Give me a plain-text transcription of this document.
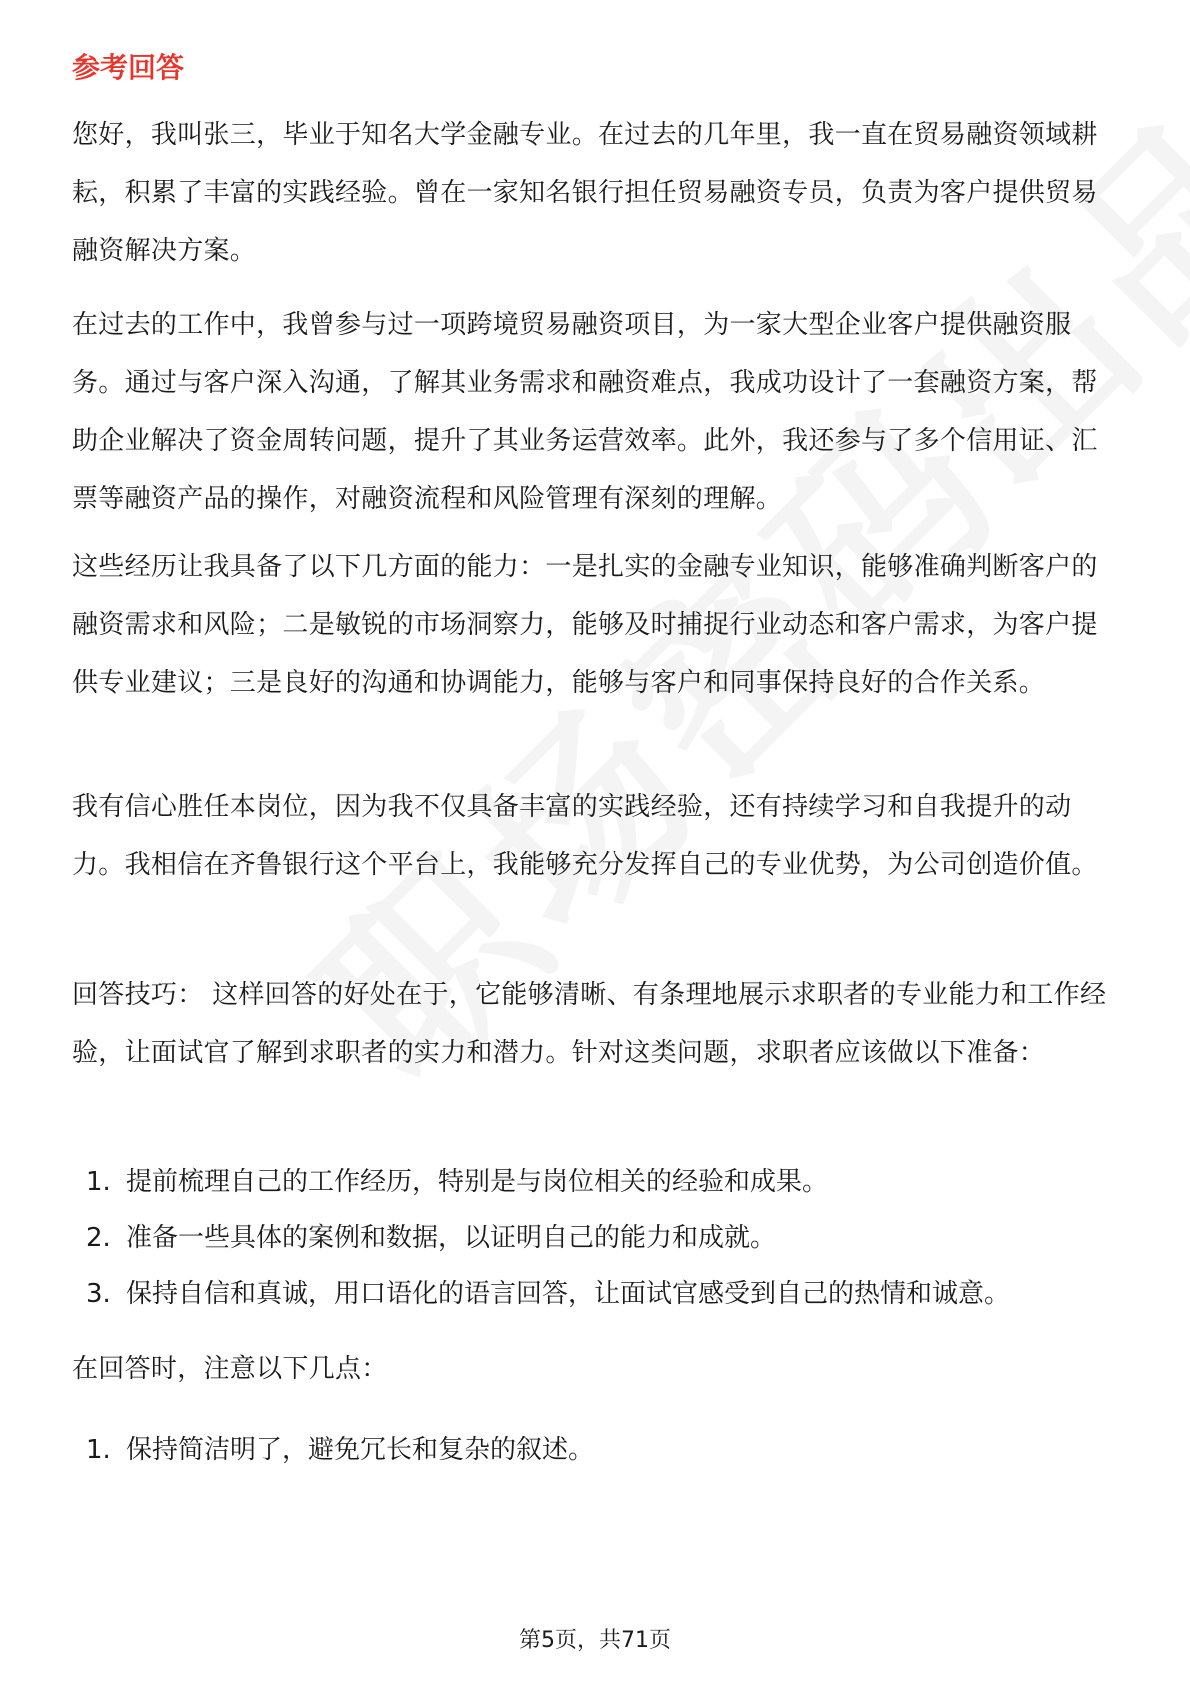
参考回答

您好，我叫张三，毕业于知名大学金融专业。在过去的几年里，我一直在贸易融资领域耕耘，积累了丰富的实践经验。曾在一家知名银行担任贸易融资专员，负责为客户提供贸易融资解决方案。

在过去的工作中，我曾参与过一项跨境贸易融资项目，为一家大型企业客户提供融资服务。通过与客户深入沟通，了解其业务需求和融资难点，我成功设计了一套融资方案，帮助企业解决了资金周转问题，提升了其业务运营效率。此外，我还参与了多个信用证、汇票等融资产品的操作，对融资流程和风险管理有深刻的理解。

这些经历让我具备了以下几方面的能力：一是扎实的金融专业知识，能够准确判断客户的融资需求和风险；二是敏锐的市场洞察力，能够及时捕捉行业动态和客户需求，为客户提供专业建议；三是良好的沟通和协调能力，能够与客户和同事保持良好的合作关系。

我有信心胜任本岗位，因为我不仅具备丰富的实践经验，还有持续学习和自我提升的动力。我相信在齐鲁银行这个平台上，我能够充分发挥自己的专业优势，为公司创造价值。

回答技巧： 这样回答的好处在于，它能够清晰、有条理地展示求职者的专业能力和工作经验，让面试官了解到求职者的实力和潜力。针对这类问题，求职者应该做以下准备：

1. 提前梳理自己的工作经历，特别是与岗位相关的经验和成果。
2. 准备一些具体的案例和数据，以证明自己的能力和成就。
3. 保持自信和真诚，用口语化的语言回答，让面试官感受到自己的热情和诚意。

在回答时，注意以下几点：

1. 保持简洁明了，避免冗长和复杂的叙述。
第5页，共71页
